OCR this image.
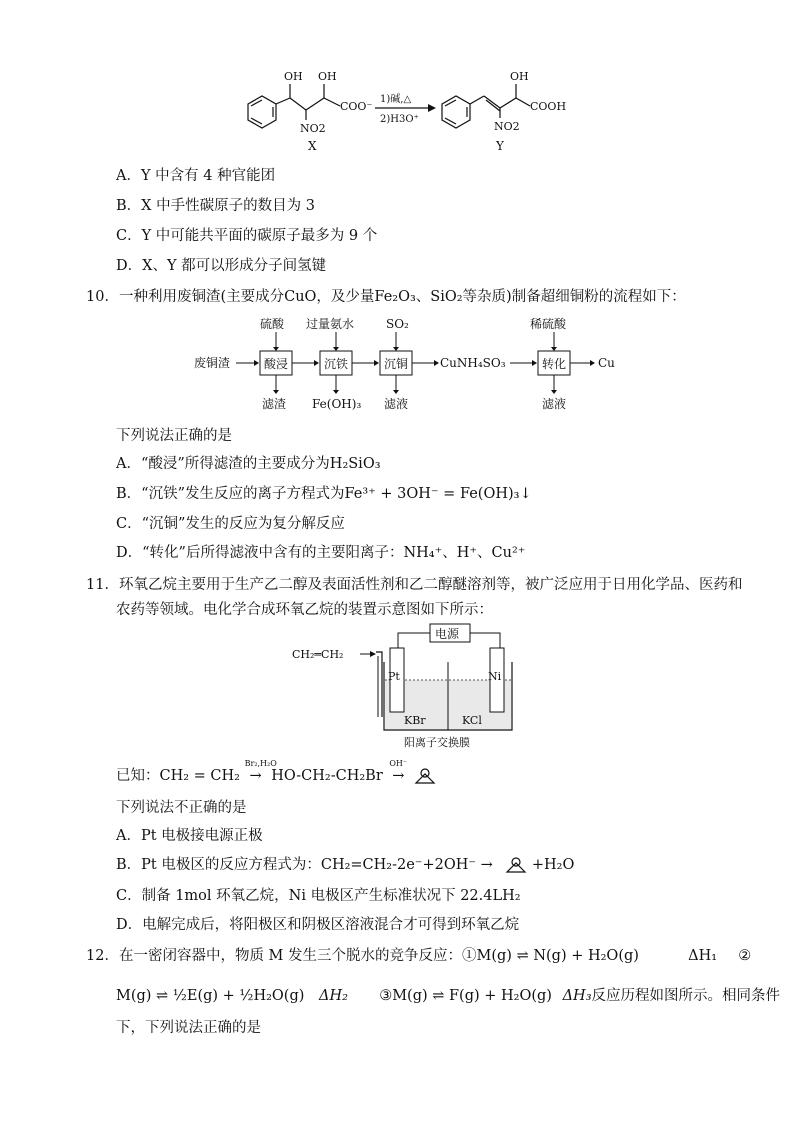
OH OH
NO2
COO⁻
X
1)碱,△
2)H3O⁺
OH
NO2
COOH
Y
A．Y 中含有 4 种官能团
B．X 中手性碳原子的数目为 3
C．Y 中可能共平面的碳原子最多为 9 个
D．X、Y 都可以形成分子间氢键
10．一种利用废铜渣(主要成分CuO，及少量Fe₂O₃、SiO₂等杂质)制备超细铜粉的流程如下：
废铜渣	酸浸
硫酸
滤渣
沉铁
过量氨水
Fe(OH)₃
沉铜
SO₂
滤液
CuNH₄SO₃	转化
稀硫酸
滤液
Cu
下列说法正确的是
A．“酸浸”所得滤渣的主要成分为H₂SiO₃
B．“沉铁”发生反应的离子方程式为Fe³⁺ + 3OH⁻ = Fe(OH)₃↓
C．“沉铜”发生的反应为复分解反应
D．“转化”后所得滤液中含有的主要阳离子：NH₄⁺、H⁺、Cu²⁺
11．环氧乙烷主要用于生产乙二醇及表面活性剂和乙二醇醚溶剂等，被广泛应用于日用化学品、医药和
农药等领域。电化学合成环氧乙烷的装置示意图如下所示：
电源
CH₂═CH₂
Pt	Ni
KBr	KCl
阳离子交换膜
已知：CH₂ = CH₂
Br₂,H₂O
→ HO-CH₂-CH₂Br
OH⁻
→
下列说法不正确的是
A．Pt 电极接电源正极
B．Pt 电极区的反应方程式为：CH₂=CH₂-2e⁻+2OH⁻ →	+H₂O
C．制备 1mol 环氧乙烷，Ni 电极区产生标准状况下 22.4LH₂
D．电解完成后，将阳极区和阴极区溶液混合才可得到环氧乙烷
12．在一密闭容器中，物质 M 发生三个脱水的竞争反应：①M(g) ⇌ N(g) + H₂O(g)	ΔH₁ ②
M(g) ⇌ ½E(g) + ½H₂O(g) ΔH₂ ③M(g) ⇌ F(g) + H₂O(g) ΔH₃反应历程如图所示。相同条件
下，下列说法正确的是
